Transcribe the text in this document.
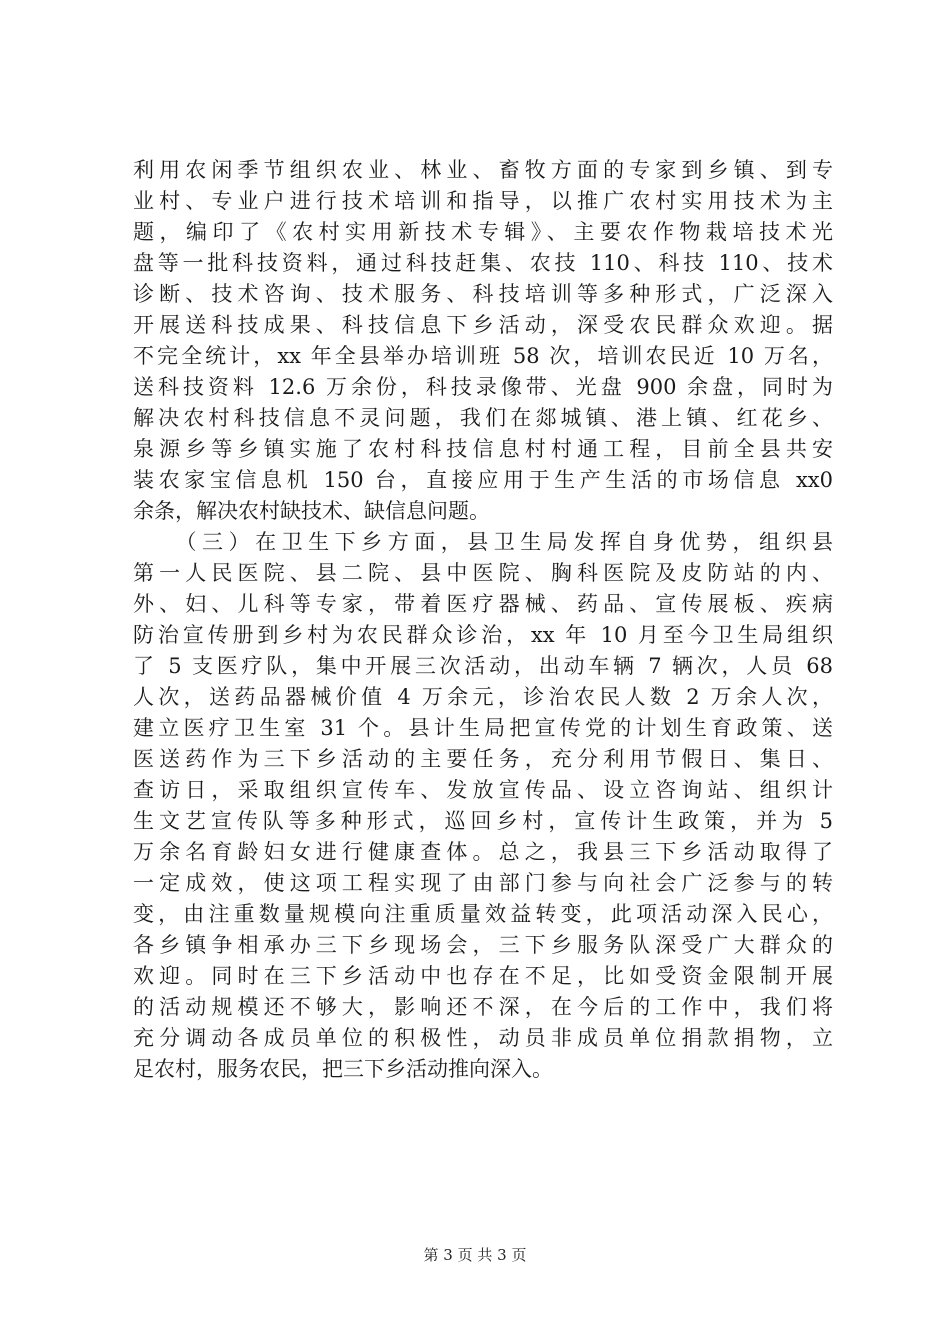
利用农闲季节组织农业、林业、畜牧方面的专家到乡镇、到专
业村、专业户进行技术培训和指导，以推广农村实用技术为主
题，编印了《农村实用新技术专辑》、主要农作物栽培技术光
盘等一批科技资料，通过科技赶集、农技 110、科技 110、技术
诊断、技术咨询、技术服务、科技培训等多种形式，广泛深入
开展送科技成果、科技信息下乡活动，深受农民群众欢迎。据
不完全统计，xx 年全县举办培训班 58 次，培训农民近 10 万名，
送科技资料 12.6 万余份，科技录像带、光盘 900 余盘，同时为
解决农村科技信息不灵问题，我们在郯城镇、港上镇、红花乡、
泉源乡等乡镇实施了农村科技信息村村通工程，目前全县共安
装农家宝信息机 150 台，直接应用于生产生活的市场信息 xx0
余条，解决农村缺技术、缺信息问题。
　　（三）在卫生下乡方面，县卫生局发挥自身优势，组织县
第一人民医院、县二院、县中医院、胸科医院及皮防站的内、
外、妇、儿科等专家，带着医疗器械、药品、宣传展板、疾病
防治宣传册到乡村为农民群众诊治，xx 年 10 月至今卫生局组织
了 5 支医疗队，集中开展三次活动，出动车辆 7 辆次，人员 68
人次，送药品器械价值 4 万余元，诊治农民人数 2 万余人次，
建立医疗卫生室 31 个。县计生局把宣传党的计划生育政策、送
医送药作为三下乡活动的主要任务，充分利用节假日、集日、
查访日，采取组织宣传车、发放宣传品、设立咨询站、组织计
生文艺宣传队等多种形式，巡回乡村，宣传计生政策，并为 5
万余名育龄妇女进行健康查体。总之，我县三下乡活动取得了
一定成效，使这项工程实现了由部门参与向社会广泛参与的转
变，由注重数量规模向注重质量效益转变，此项活动深入民心，
各乡镇争相承办三下乡现场会，三下乡服务队深受广大群众的
欢迎。同时在三下乡活动中也存在不足，比如受资金限制开展
的活动规模还不够大，影响还不深，在今后的工作中，我们将
充分调动各成员单位的积极性，动员非成员单位捐款捐物，立
足农村，服务农民，把三下乡活动推向深入。
第 3 页 共 3 页
